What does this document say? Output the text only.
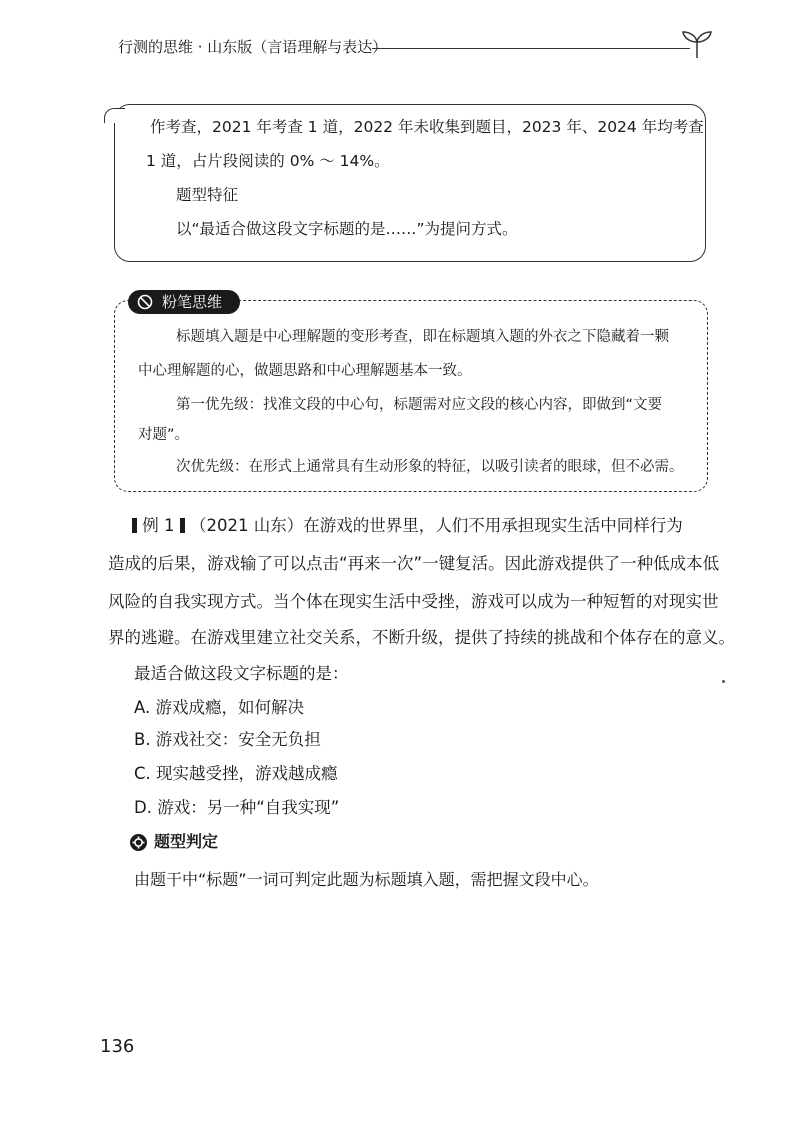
行测的思维 · 山东版（言语理解与表达）
作考查，2021 年考查 1 道，2022 年未收集到题目，2023 年、2024 年均考查
1 道，占片段阅读的 0% ～ 14%。
题型特征
以“最适合做这段文字标题的是……”为提问方式。
粉笔思维
标题填入题是中心理解题的变形考查，即在标题填入题的外衣之下隐藏着一颗
中心理解题的心，做题思路和中心理解题基本一致。
第一优先级：找准文段的中心句，标题需对应文段的核心内容，即做到“文要
对题”。
次优先级：在形式上通常具有生动形象的特征，以吸引读者的眼球，但不必需。
例 1 （2021 山东）在游戏的世界里，人们不用承担现实生活中同样行为
造成的后果，游戏输了可以点击“再来一次”一键复活。因此游戏提供了一种低成本低
风险的自我实现方式。当个体在现实生活中受挫，游戏可以成为一种短暂的对现实世
界的逃避。在游戏里建立社交关系，不断升级，提供了持续的挑战和个体存在的意义。
最适合做这段文字标题的是：
A. 游戏成瘾，如何解决
B. 游戏社交：安全无负担
C. 现实越受挫，游戏越成瘾
D. 游戏：另一种“自我实现”
题型判定
由题干中“标题”一词可判定此题为标题填入题，需把握文段中心。
136
